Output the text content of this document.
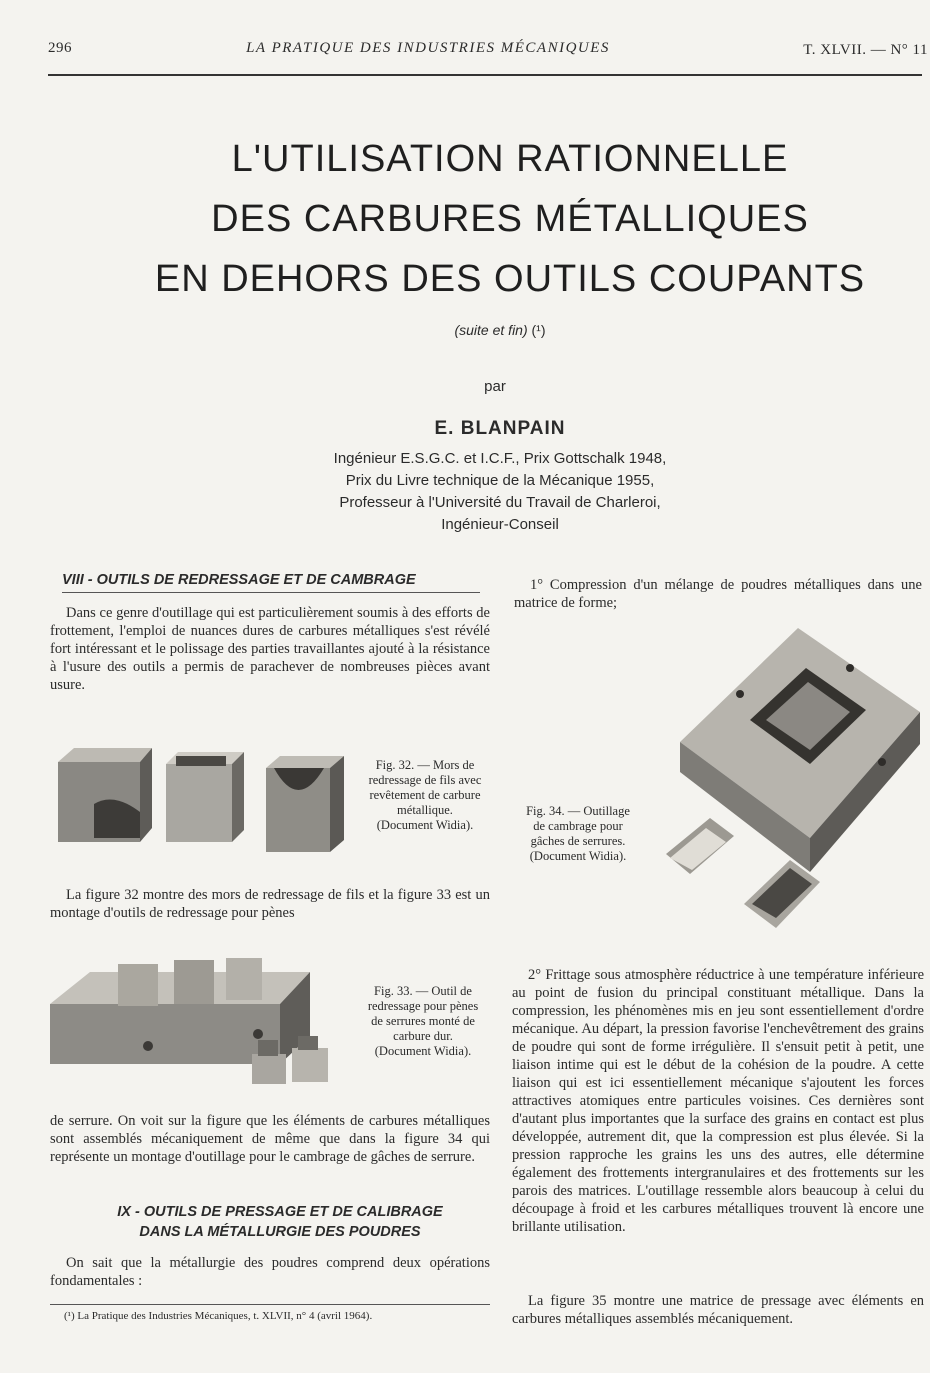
296	LA PRATIQUE DES INDUSTRIES MÉCANIQUES	T. XLVII. — N° 11
L'UTILISATION RATIONNELLE
DES CARBURES MÉTALLIQUES
EN DEHORS DES OUTILS COUPANTS
(suite et fin) (¹)
par
E. BLANPAIN
Ingénieur E.S.G.C. et I.C.F., Prix Gottschalk 1948,
Prix du Livre technique de la Mécanique 1955,
Professeur à l'Université du Travail de Charleroi,
Ingénieur-Conseil
VIII - OUTILS DE REDRESSAGE ET DE CAMBRAGE
Dans ce genre d'outillage qui est particulièrement soumis à des efforts de frottement, l'emploi de nuances dures de carbures métalliques s'est révélé fort intéressant et le polissage des parties travaillantes ajouté à la résistance à l'usure des outils a permis de parachever de nombreuses pièces avant usure.
Fig. 32. — Mors de
redressage de fils avec
revêtement de carbure
métallique.
(Document Widia).
La figure 32 montre des mors de redressage de fils et la figure 33 est un montage d'outils de redressage pour pènes
Fig. 33. — Outil de
redressage pour pènes
de serrures monté de
carbure dur.
(Document Widia).
de serrure. On voit sur la figure que les éléments de carbures métalliques sont assemblés mécaniquement de même que dans la figure 34 qui représente un montage d'outillage pour le cambrage de gâches de serrure.
IX - OUTILS DE PRESSAGE ET DE CALIBRAGE
DANS LA MÉTALLURGIE DES POUDRES
On sait que la métallurgie des poudres comprend deux opérations fondamentales :
(¹) La Pratique des Industries Mécaniques, t. XLVII, n° 4 (avril 1964).
1° Compression d'un mélange de poudres métalliques dans une matrice de forme;
Fig. 34. — Outillage
de cambrage pour
gâches de serrures.
(Document Widia).
2° Frittage sous atmosphère réductrice à une température inférieure au point de fusion du principal constituant métallique. Dans la compression, les phénomènes mis en jeu sont essentiellement d'ordre mécanique. Au départ, la pression favorise l'enchevêtrement des grains de poudre qui sont de forme irrégulière. Il s'ensuit petit à petit, une liaison intime qui est le début de la cohésion de la poudre. A cette liaison qui est ici essentiellement mécanique s'ajoutent les forces attractives atomiques entre particules voisines. Ces dernières sont d'autant plus importantes que la surface des grains en contact est plus développée, autrement dit, que la compression est plus élevée. Si la pression rapproche les grains les uns des autres, elle détermine également des frottements intergranulaires et des frottements sur les parois des matrices. L'outillage ressemble alors beaucoup à celui du découpage à froid et les carbures métalliques trouvent là encore une brillante utilisation.
La figure 35 montre une matrice de pressage avec éléments en carbures métalliques assemblés mécaniquement.
